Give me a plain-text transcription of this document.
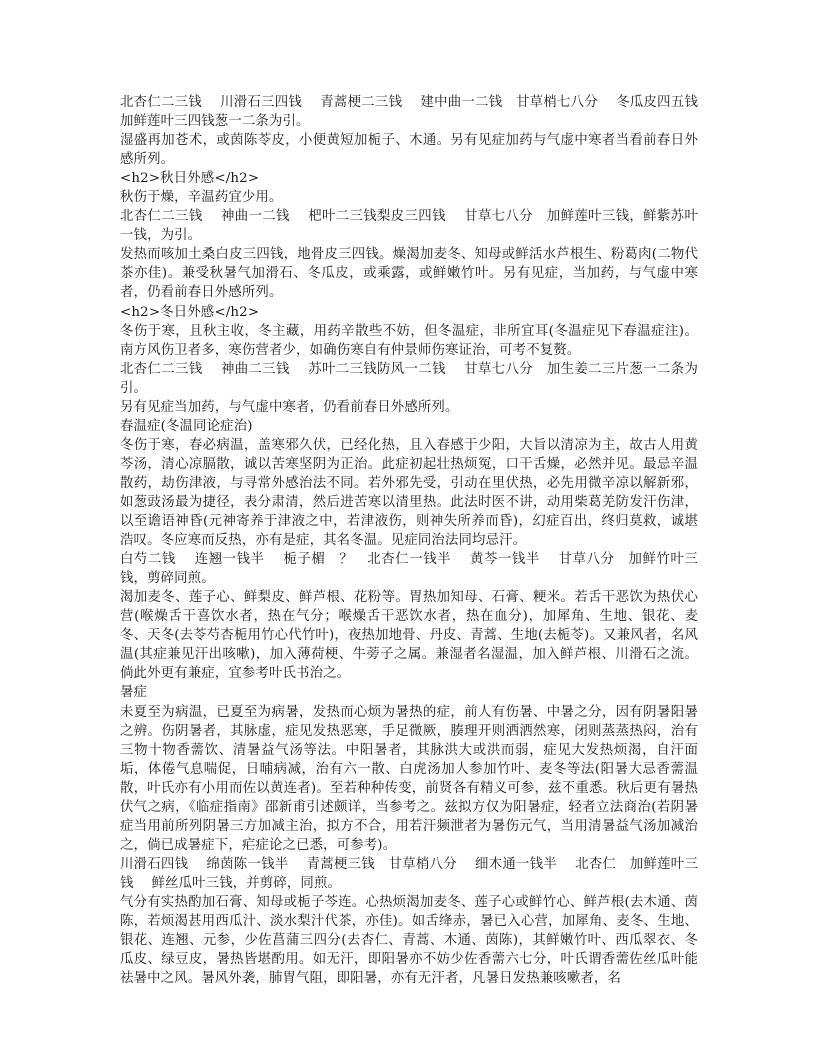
北杏仁二三钱　 川滑石三四钱　 青蒿梗二三钱　 建中曲一二钱　甘草梢七八分　 冬瓜皮四五钱　加鲜莲叶三四钱葱一二条为引。

湿盛再加苍术，或茵陈苓皮，小便黄短加栀子、木通。另有见症加药与气虚中寒者当看前春日外感所列。

<h2>秋日外感</h2>

秋伤于燥，辛温药宜少用。

北杏仁二三钱　 神曲一二钱　 杷叶二三钱梨皮三四钱　 甘草七八分　加鲜莲叶三钱，鲜紫苏叶一钱，为引。

发热而咳加土桑白皮三四钱，地骨皮三四钱。燥渴加麦冬、知母或鲜活水芦根生、粉葛肉(二物代茶亦佳)。兼受秋暑气加滑石、冬瓜皮，或乘露，或鲜嫩竹叶。另有见症，当加药，与气虚中寒者，仍看前春日外感所列。

<h2>冬日外感</h2>

冬伤于寒，且秋主收，冬主藏，用药辛散些不妨，但冬温症，非所宜耳(冬温症见下春温症注)。南方风伤卫者多，寒伤营者少，如确伤寒自有仲景师伤寒证治，可考不复赘。

北杏仁二三钱　 神曲二三钱　 苏叶二三钱防风一二钱　 甘草七八分　加生姜二三片葱一二条为引。

另有见症当加药，与气虚中寒者，仍看前春日外感所列。

春温症(冬温同论症治)

冬伤于寒，春必病温，盖寒邪久伏，已经化热，且入春感于少阳，大旨以清凉为主，故古人用黄芩汤，清心凉膈散，诚以苦寒坚阴为正治。此症初起壮热烦冤，口干舌燥，必然并见。最忌辛温散药，劫伤津液，与寻常外感治法不同。若外邪先受，引动在里伏热，必先用微辛凉以解新邪，如葱豉汤最为捷径，表分肃清，然后进苦寒以清里热。此法时医不讲，动用柴葛羌防发汗伤津，以至谵语神昏(元神寄养于津液之中，若津液伤，则神失所养而昏)，幻症百出，终归莫救，诚堪浩叹。冬应寒而反热，亦有是症，其名冬温。见症同治法同均忌汗。

白芍二钱　 连翘一钱半　 栀子楣　？　北杏仁一钱半　 黄芩一钱半　 甘草八分　加鲜竹叶三钱，剪碎同煎。

渴加麦冬、莲子心、鲜梨皮、鲜芦根、花粉等。胃热加知母、石膏、粳米。若舌干恶饮为热伏心营(喉燥舌干喜饮水者，热在气分；喉燥舌干恶饮水者，热在血分)，加犀角、生地、银花、麦冬、天冬(去苓芍杏栀用竹心代竹叶)，夜热加地骨、丹皮、青蒿、生地(去栀苓)。又兼风者，名风温(其症兼见汗出咳嗽)，加入薄荷梗、牛蒡子之属。兼湿者名湿温，加入鲜芦根、川滑石之流。倘此外更有兼症，宜参考叶氏书治之。

暑症

未夏至为病温，已夏至为病暑，发热而心烦为暑热的症，前人有伤暑、中暑之分，因有阴暑阳暑之辨。伤阴暑者，其脉虚，症见发热恶寒，手足微厥，腠理开则洒洒然寒，闭则蒸蒸热闷，治有三物十物香薷饮、清暑益气汤等法。中阳暑者，其脉洪大或洪而弱，症见大发热烦渴，自汗面垢，体倦气息喘促，日晡病减，治有六一散、白虎汤加人参加竹叶、麦冬等法(阳暑大忌香薷温散，叶氏亦有小用而佐以黄连者)。至若种种传变，前贤各有精义可参，兹不重悉。秋后更有暑热伏气之病，《临症指南》邵新甫引述颇详，当参考之。兹拟方仅为阳暑症，轻者立法商治(若阴暑症当用前所列阴暑三方加减主治，拟方不合，用若汗频泄者为暑伤元气，当用清暑益气汤加减治之，倘已成暑症下，疟症论之已悉，可参考)。

川滑石四钱　 绵茵陈一钱半　 青蒿梗三钱　甘草梢八分　 细木通一钱半　 北杏仁　加鲜莲叶三钱　 鲜丝瓜叶三钱，并剪碎，同煎。

气分有实热酌加石膏、知母或栀子芩连。心热烦渴加麦冬、莲子心或鲜竹心、鲜芦根(去木通、茵陈，若烦渴甚用西瓜汁、淡水梨汁代茶，亦佳)。如舌绛赤，暑已入心营，加犀角、麦冬、生地、银花、连翘、元参，少佐菖蒲三四分(去杏仁、青蒿、木通、茵陈)，其鲜嫩竹叶、西瓜翠衣、冬瓜皮、绿豆皮，暑热皆堪酌用。如无汗，即阳暑亦不妨少佐香薷六七分，叶氏谓香薷佐丝瓜叶能祛暑中之风。暑风外袭，肺胃气阻，即阳暑，亦有无汗者，凡暑日发热兼咳嗽者，名
